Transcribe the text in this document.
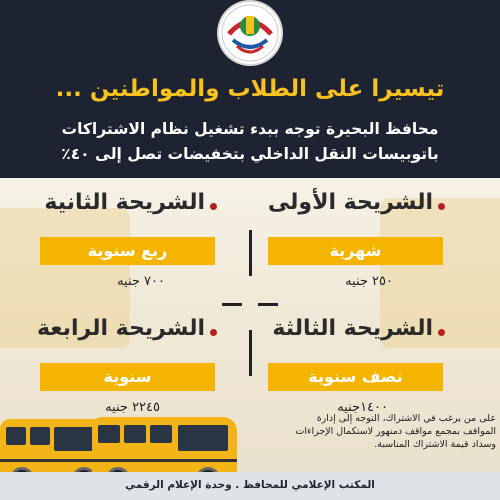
تيسيرا على الطلاب والمواطنين ...

محافظ البحيرة توجه ببدء تشغيل نظام الاشتراكات

باتوبيسات النقل الداخلي بتخفيضات تصل إلى ٤٠٪

الشريحة الأولى
شهرية
٢٥٠ جنيه
الشريحة الثانية
ربع سنوية
٧٠٠ جنيه
الشريحة الثالثة
نصف سنوية
١٤٠٠جنيه
الشريحة الرابعة
سنوية
٢٢٤٥ جنيه
على من يرغب في الاشتراك، التوجه إلى إدارة
المواقف بمجمع مواقف دمنهور لاستكمال الإجراءات
وسداد قيمة الاشتراك المناسبة.
المكتب الإعلامي للمحافظ . وحدة الإعلام الرقمي
